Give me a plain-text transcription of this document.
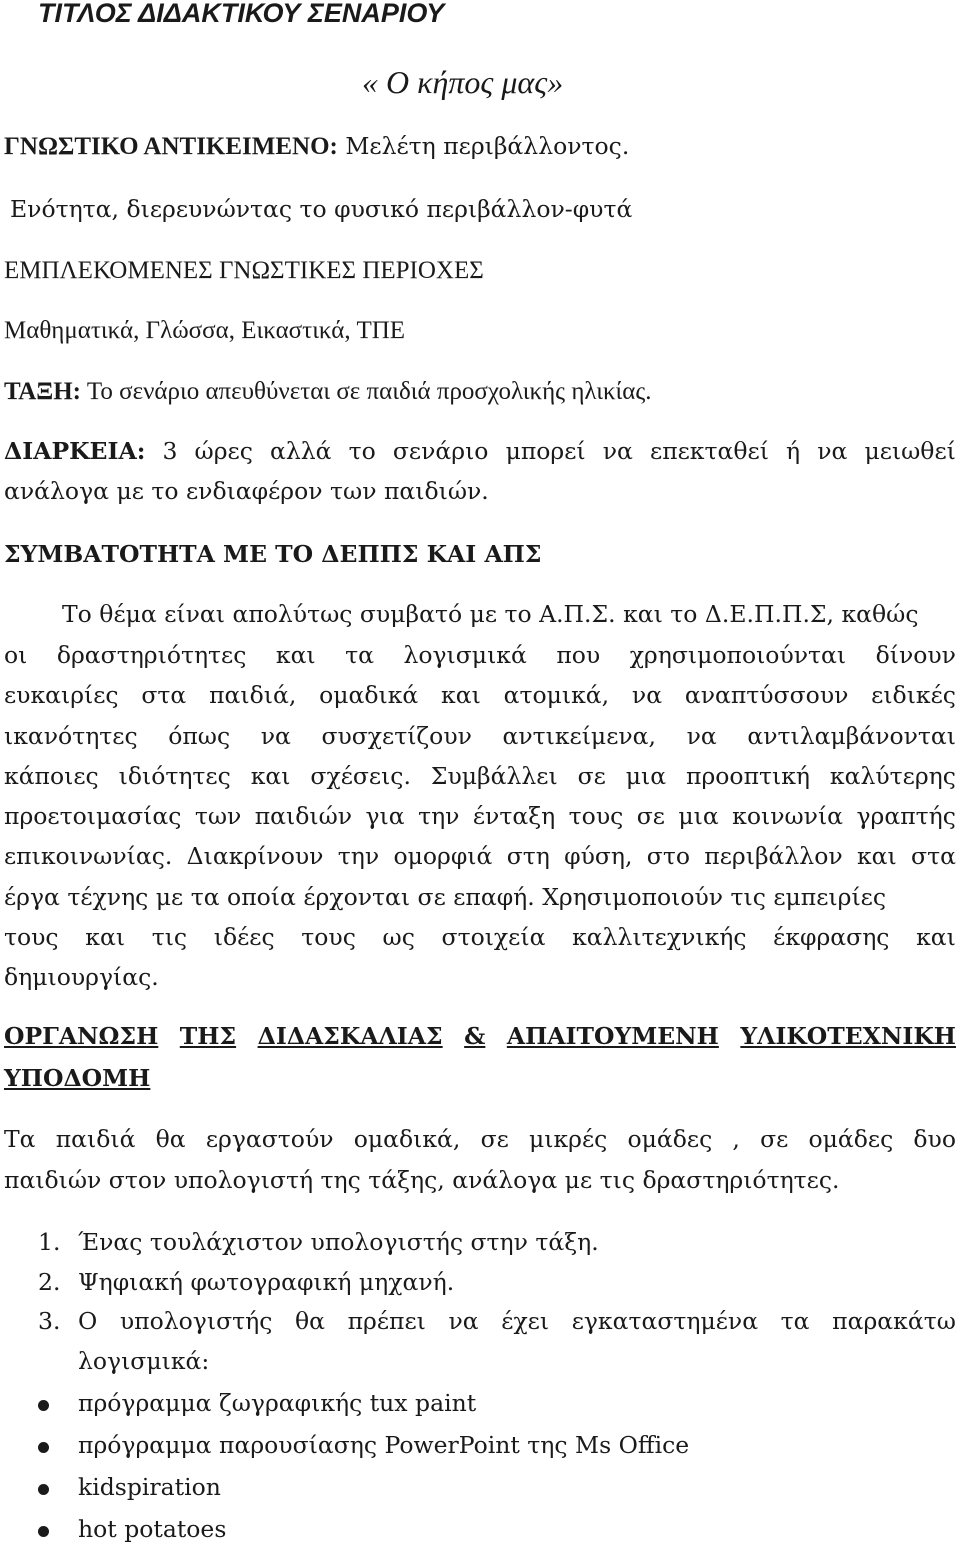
ΤΙΤΛΟΣ ΔΙΔΑΚΤΙΚΟΥ ΣΕΝΑΡΙΟΥ
« Ο κήπος μας»
ΓΝΩΣΤΙΚΟ ΑΝΤΙΚΕΙΜΕΝΟ: Μελέτη περιβάλλοντος.
Ενότητα, διερευνώντας το φυσικό περιβάλλον-φυτά
ΕΜΠΛΕΚΟΜΕΝΕΣ ΓΝΩΣΤΙΚΕΣ ΠΕΡΙΟΧΕΣ
Μαθηματικά, Γλώσσα, Εικαστικά, ΤΠΕ
ΤΑΞΗ: Το σενάριο απευθύνεται σε παιδιά προσχολικής ηλικίας.
ΔΙΑΡΚΕΙΑ: 3 ώρες αλλά το σενάριο μπορεί να επεκταθεί ή να μειωθεί
ανάλογα με το ενδιαφέρον των παιδιών.
ΣΥΜΒΑΤΟΤΗΤΑ ΜΕ ΤΟ ΔΕΠΠΣ ΚΑΙ ΑΠΣ
Το θέμα είναι απολύτως συμβατό με το Α.Π.Σ. και το Δ.Ε.Π.Π.Σ, καθώς
οι δραστηριότητες και τα λογισμικά που χρησιμοποιούνται δίνουν
ευκαιρίες στα παιδιά, ομαδικά και ατομικά, να αναπτύσσουν ειδικές
ικανότητες όπως να συσχετίζουν αντικείμενα, να αντιλαμβάνονται
κάποιες ιδιότητες και σχέσεις. Συμβάλλει σε μια προοπτική καλύτερης
προετοιμασίας των παιδιών για την ένταξη τους σε μια κοινωνία γραπτής
επικοινωνίας. Διακρίνουν την ομορφιά στη φύση, στο περιβάλλον και στα
έργα τέχνης με τα οποία έρχονται σε επαφή. Χρησιμοποιούν τις εμπειρίες
τους και τις ιδέες τους ως στοιχεία καλλιτεχνικής έκφρασης και
δημιουργίας.
ΟΡΓΑΝΩΣΗ ΤΗΣ ΔΙΔΑΣΚΑΛΙΑΣ & ΑΠΑΙΤΟΥΜΕΝΗ ΥΛΙΚΟΤΕΧΝΙΚΗ
ΥΠΟΔΟΜΗ
Τα παιδιά θα εργαστούν ομαδικά, σε μικρές ομάδες , σε ομάδες δυο
παιδιών στον υπολογιστή της τάξης, ανάλογα με τις δραστηριότητες.
1. Ένας τουλάχιστον υπολογιστής στην τάξη.
2. Ψηφιακή φωτογραφική μηχανή.
3. Ο υπολογιστής θα πρέπει να έχει εγκαταστημένα τα παρακάτω
λογισμικά:
πρόγραμμα ζωγραφικής tux paint
πρόγραμμα παρουσίασης PowerPoint της Ms Office
kidspiration
hot potatoes
